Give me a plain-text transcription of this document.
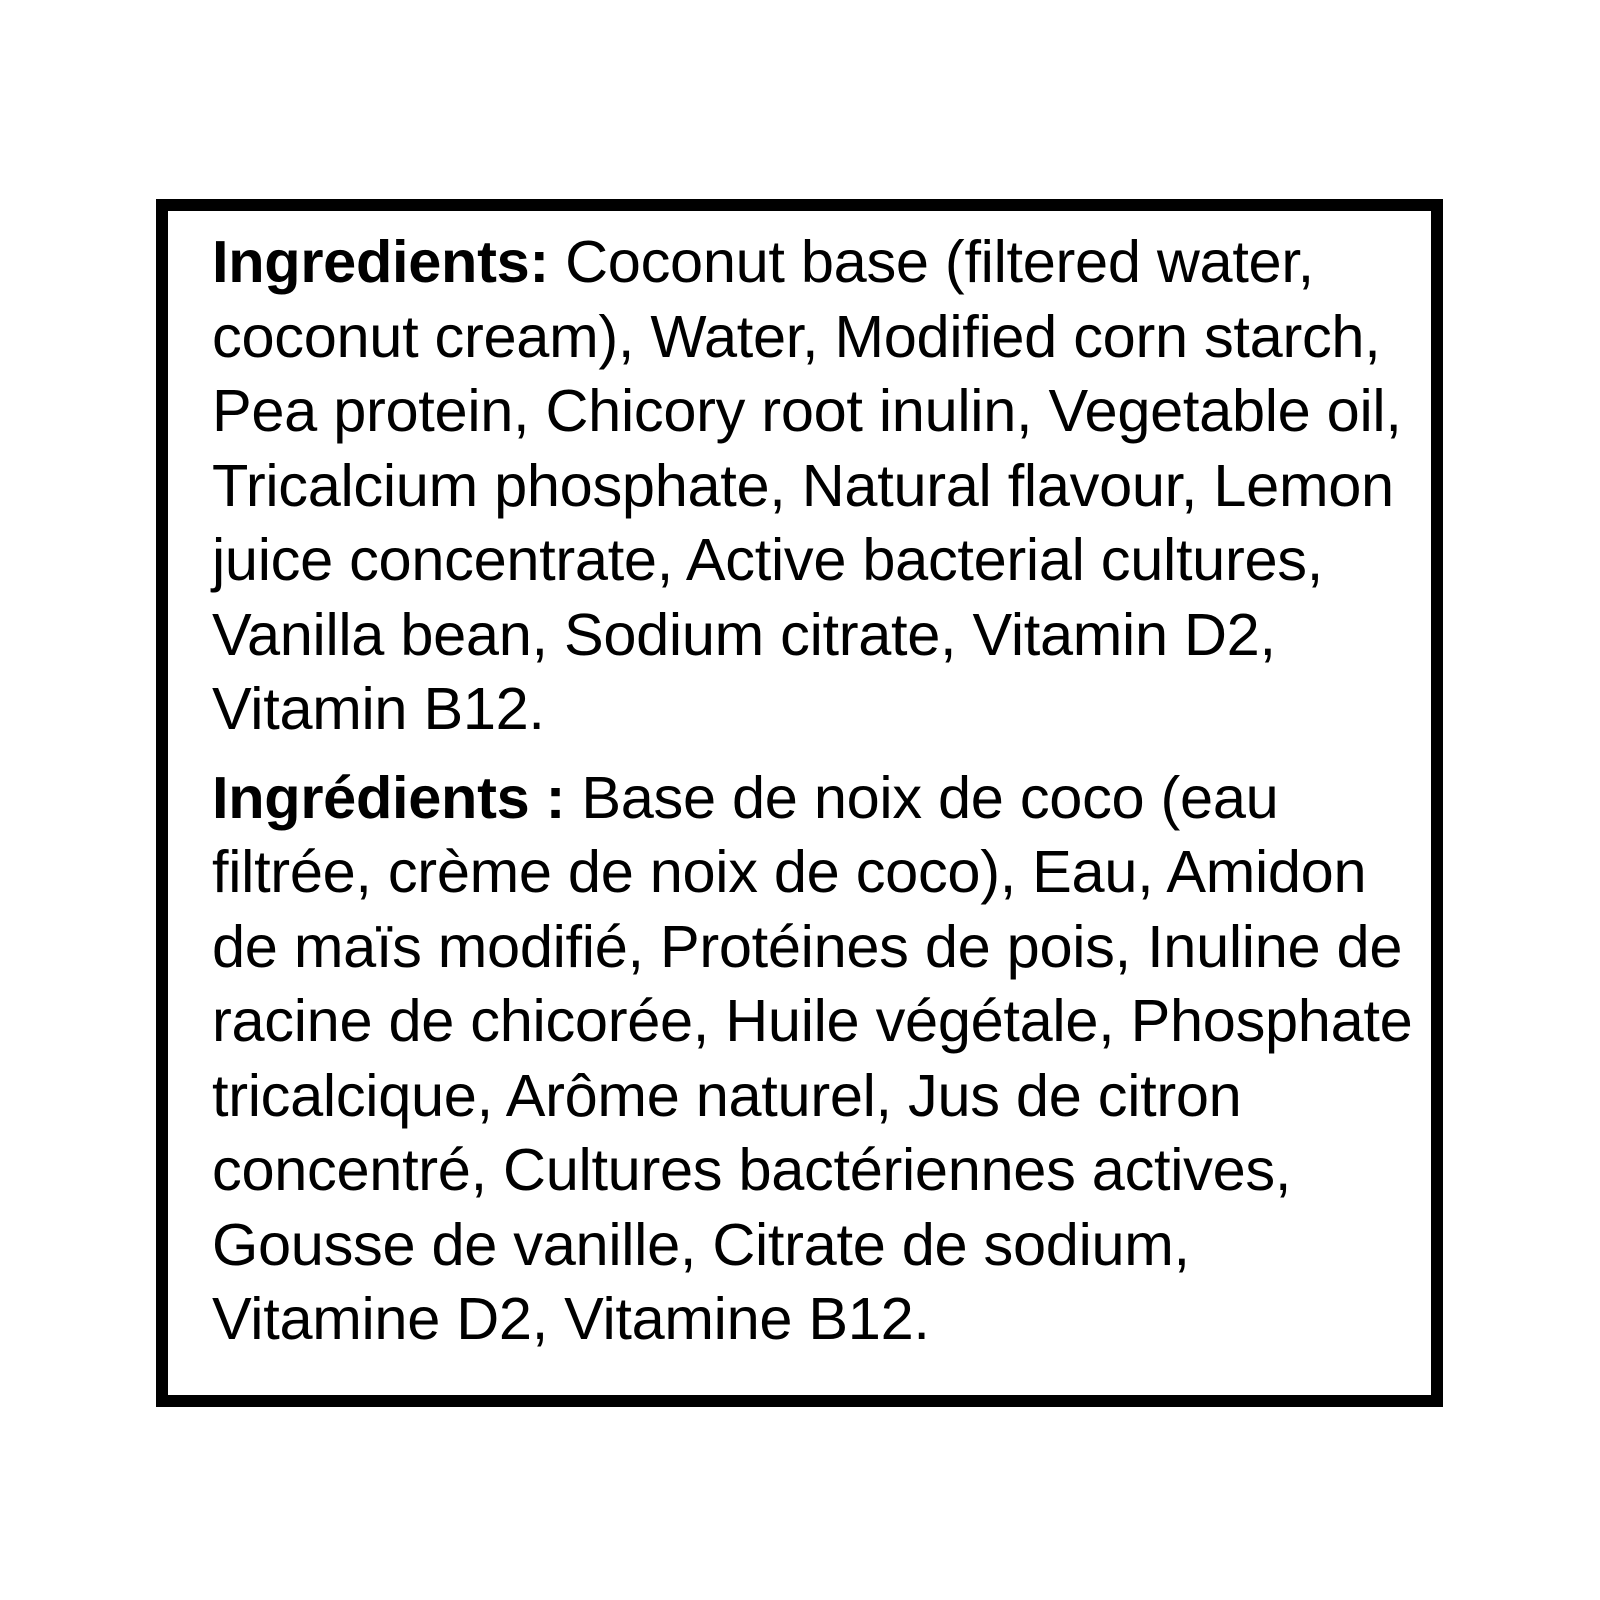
Ingredients: Coconut base (filtered water,
coconut cream), Water, Modified corn starch,
Pea protein, Chicory root inulin, Vegetable oil,
Tricalcium phosphate, Natural flavour, Lemon
juice concentrate, Active bacterial cultures,
Vanilla bean, Sodium citrate, Vitamin D2,
Vitamin B12.

Ingrédients : Base de noix de coco (eau
filtrée, crème de noix de coco), Eau, Amidon
de maïs modifié, Protéines de pois, Inuline de
racine de chicorée, Huile végétale, Phosphate
tricalcique, Arôme naturel, Jus de citron
concentré, Cultures bactériennes actives,
Gousse de vanille, Citrate de sodium,
Vitamine D2, Vitamine B12.
